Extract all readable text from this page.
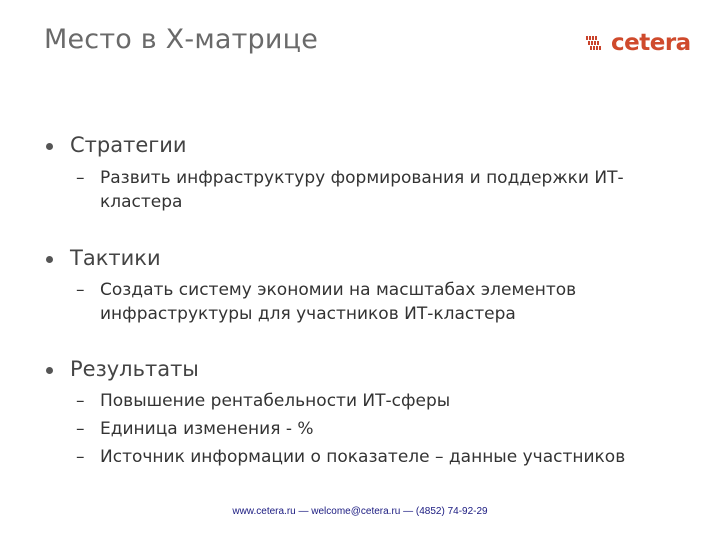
Место в Х-матрице	cetera
Стратегии
– Развить инфраструктуру формирования и поддержки ИТ-
кластера
Тактики
– Создать систему экономии на масштабах элементов
инфраструктуры для участников ИТ-кластера
Результаты
– Повышение рентабельности ИТ-сферы
– Единица изменения - %
– Источник информации о показателе – данные участников
www.cetera.ru — welcome@cetera.ru — (4852) 74-92-29
